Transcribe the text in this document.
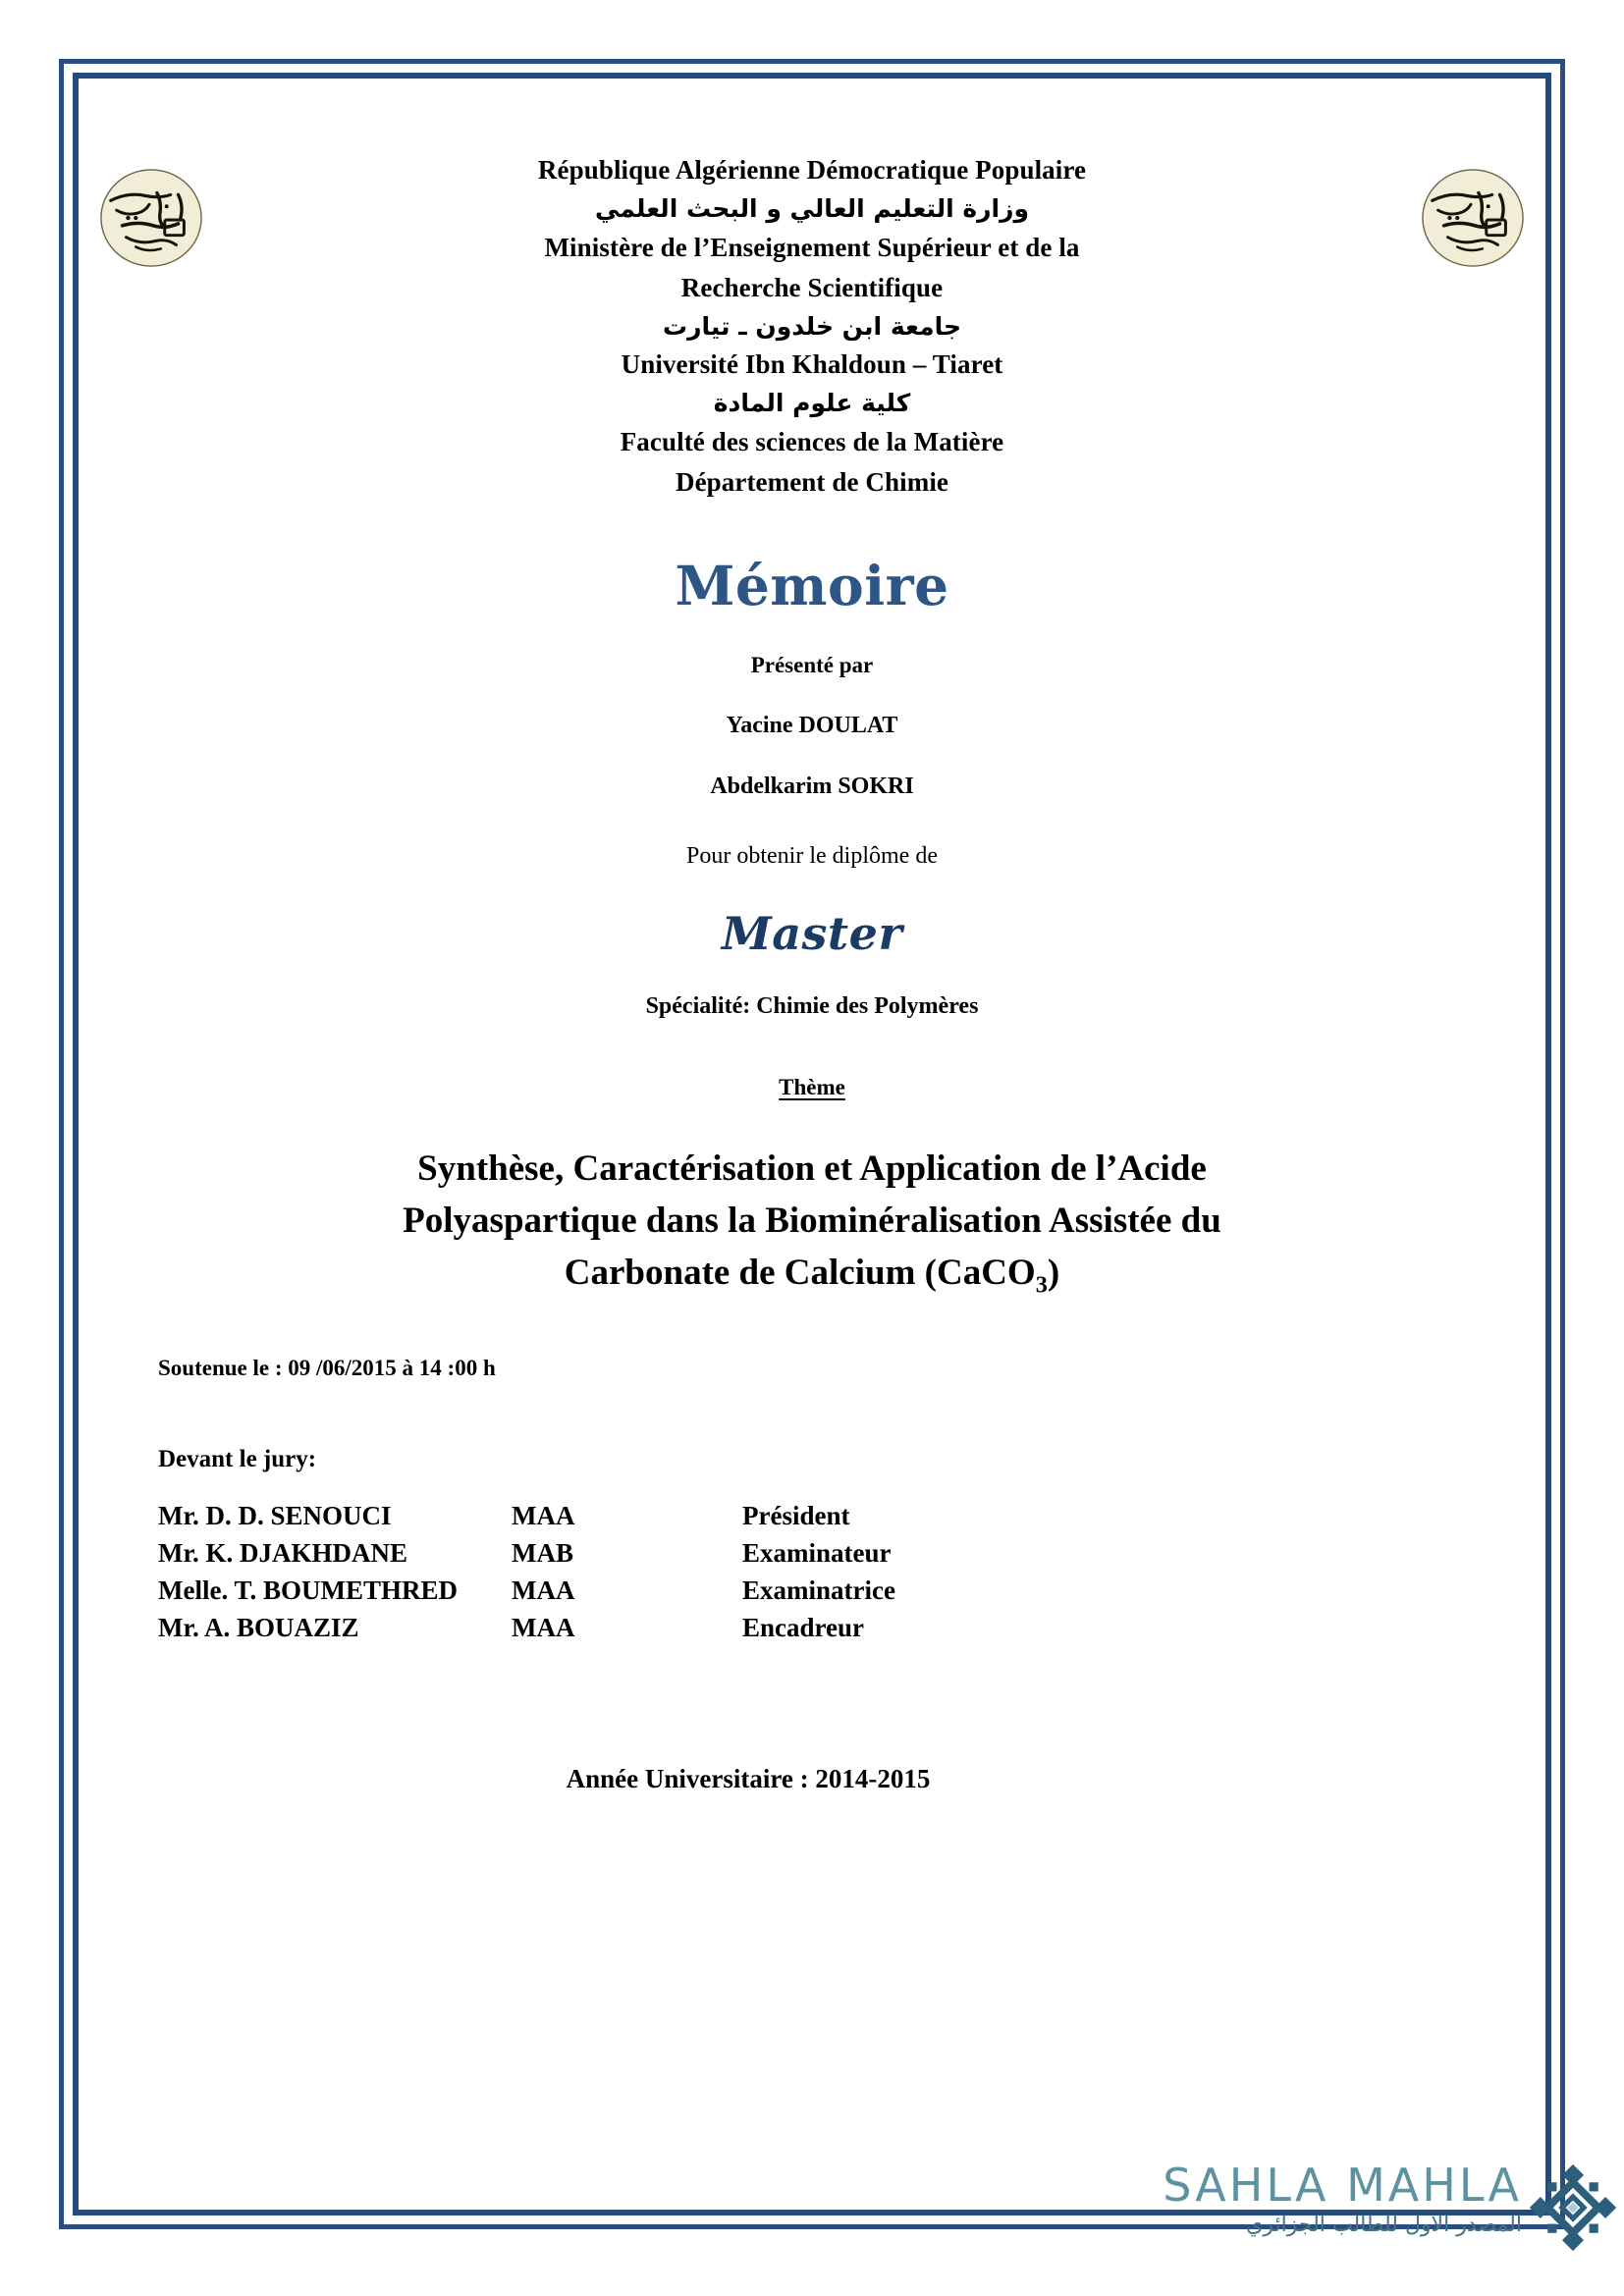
République Algérienne Démocratique Populaire
وزارة التعليم العالي و البحث العلمي
Ministère de l’Enseignement Supérieur et de la
Recherche Scientifique
جامعة ابن خلدون ـ تيارت
Université Ibn Khaldoun – Tiaret
كلية علوم المادة
Faculté des sciences de la Matière
Département de Chimie
Mémoire
Présenté par
Yacine DOULAT
Abdelkarim SOKRI
Pour obtenir le diplôme de
Master
Spécialité: Chimie des Polymères
Thème
Synthèse, Caractérisation et Application de l’Acide
Polyaspartique dans la Biominéralisation Assistée du
Carbonate de Calcium (CaCO$_3$)
Soutenue le : 09 /06/2015 à 14 :00 h
Devant le jury:
Mr. D. D. SENOUCI	MAA	Président
Mr. K. DJAKHDANE	MAB	Examinateur
Melle. T. BOUMETHRED	MAA	Examinatrice
Mr. A. BOUAZIZ	MAA	Encadreur
Année Universitaire : 2014-2015
SAHLA MAHLA
المصدر الاول للطالب الجزائري
